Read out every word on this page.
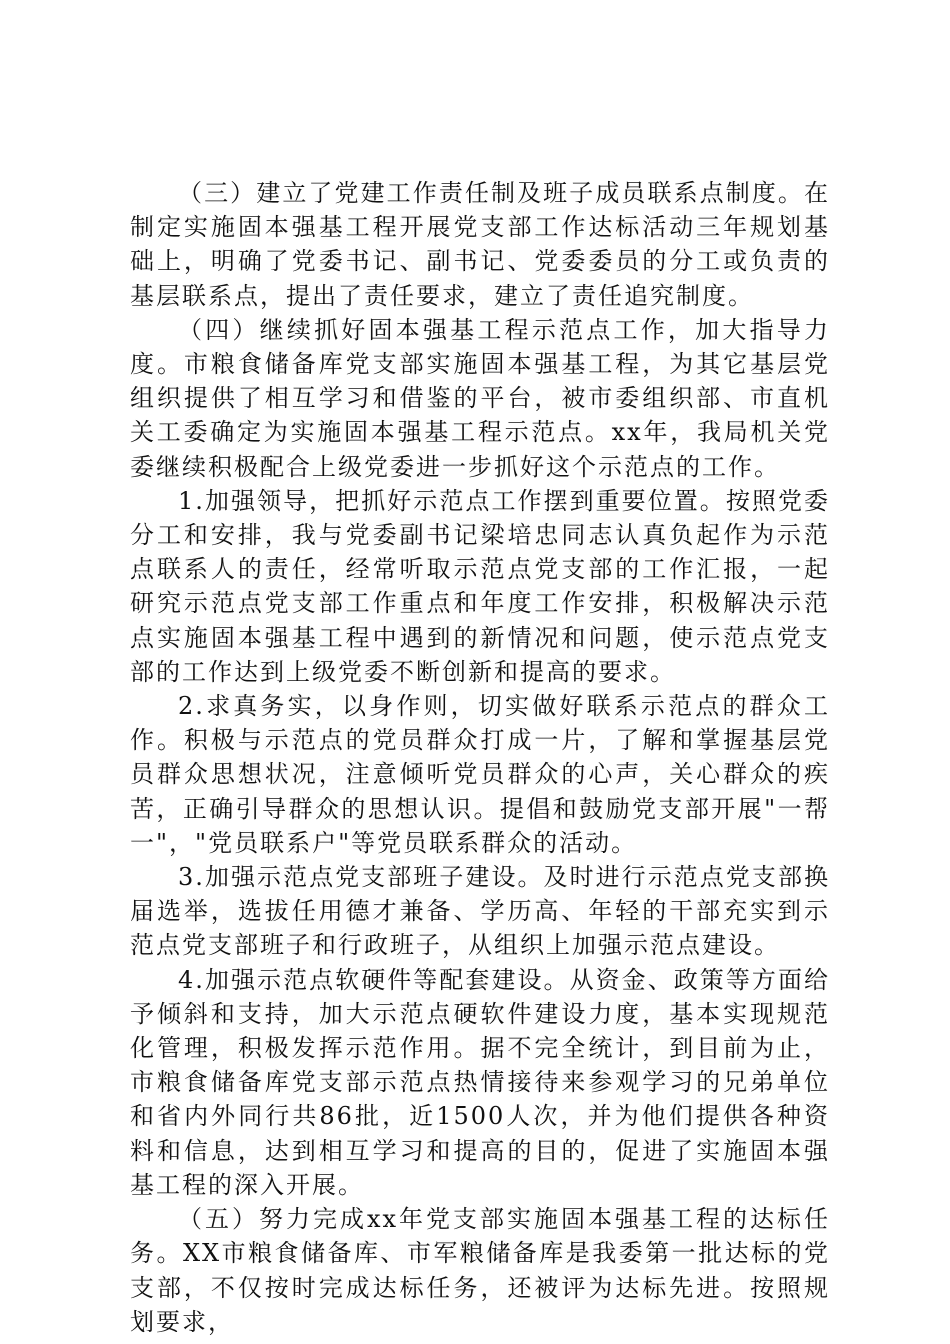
（三）建立了党建工作责任制及班子成员联系点制度。在制定实施固本强基工程开展党支部工作达标活动三年规划基础上，明确了党委书记、副书记、党委委员的分工或负责的基层联系点，提出了责任要求，建立了责任追究制度。

（四）继续抓好固本强基工程示范点工作，加大指导力度。市粮食储备库党支部实施固本强基工程，为其它基层党组织提供了相互学习和借鉴的平台，被市委组织部、市直机关工委确定为实施固本强基工程示范点。xx年，我局机关党委继续积极配合上级党委进一步抓好这个示范点的工作。

1.加强领导，把抓好示范点工作摆到重要位置。按照党委分工和安排，我与党委副书记梁培忠同志认真负起作为示范点联系人的责任，经常听取示范点党支部的工作汇报，一起研究示范点党支部工作重点和年度工作安排，积极解决示范点实施固本强基工程中遇到的新情况和问题，使示范点党支部的工作达到上级党委不断创新和提高的要求。

2.求真务实，以身作则，切实做好联系示范点的群众工作。积极与示范点的党员群众打成一片，了解和掌握基层党员群众思想状况，注意倾听党员群众的心声，关心群众的疾苦，正确引导群众的思想认识。提倡和鼓励党支部开展"一帮一"，"党员联系户"等党员联系群众的活动。

3.加强示范点党支部班子建设。及时进行示范点党支部换届选举，选拔任用德才兼备、学历高、年轻的干部充实到示范点党支部班子和行政班子，从组织上加强示范点建设。

4.加强示范点软硬件等配套建设。从资金、政策等方面给予倾斜和支持，加大示范点硬软件建设力度，基本实现规范化管理，积极发挥示范作用。据不完全统计，到目前为止，市粮食储备库党支部示范点热情接待来参观学习的兄弟单位和省内外同行共86批，近1500人次，并为他们提供各种资料和信息，达到相互学习和提高的目的，促进了实施固本强基工程的深入开展。

（五）努力完成xx年党支部实施固本强基工程的达标任务。XX市粮食储备库、市军粮储备库是我委第一批达标的党支部，不仅按时完成达标任务，还被评为达标先进。按照规划要求，
